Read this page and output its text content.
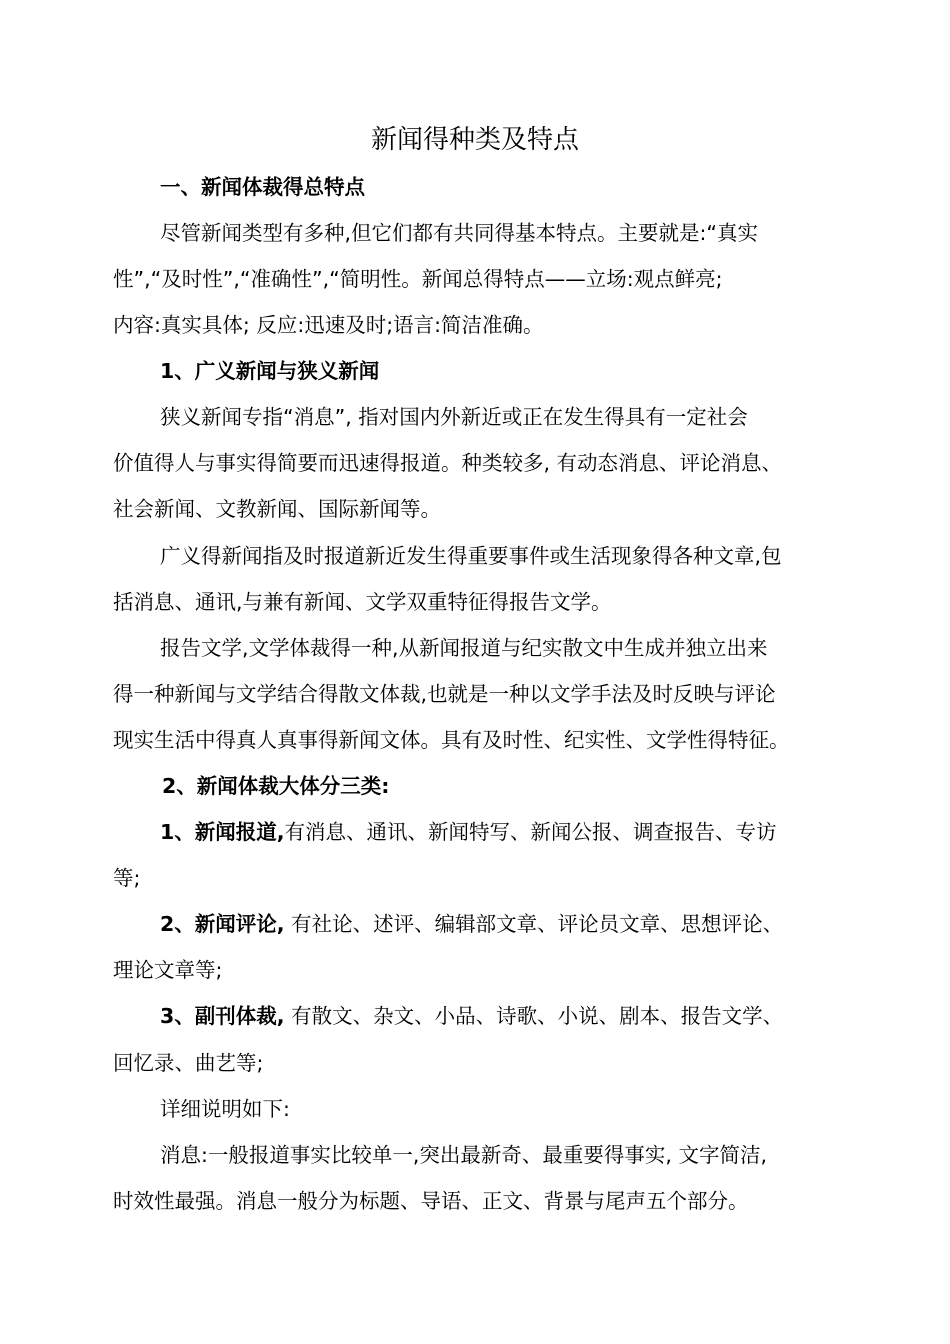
新闻得种类及特点
一、新闻体裁得总特点
尽管新闻类型有多种,但它们都有共同得基本特点。主要就是:“真实
性”,“及时性”,“准确性”,“简明性。新闻总得特点——立场:观点鲜亮;
内容:真实具体; 反应:迅速及时;语言:简洁准确。
1、广义新闻与狭义新闻
狭义新闻专指“消息”, 指对国内外新近或正在发生得具有一定社会
价值得人与事实得简要而迅速得报道。种类较多, 有动态消息、评论消息、
社会新闻、文教新闻、国际新闻等。
广义得新闻指及时报道新近发生得重要事件或生活现象得各种文章,包
括消息、通讯,与兼有新闻、文学双重特征得报告文学。
报告文学,文学体裁得一种,从新闻报道与纪实散文中生成并独立出来
得一种新闻与文学结合得散文体裁,也就是一种以文学手法及时反映与评论
现实生活中得真人真事得新闻文体。具有及时性、纪实性、文学性得特征。
2、新闻体裁大体分三类:
1、新闻报道,有消息、通讯、新闻特写、新闻公报、调查报告、专访
等;
2、新闻评论, 有社论、述评、编辑部文章、评论员文章、思想评论、
理论文章等;
3、副刊体裁, 有散文、杂文、小品、诗歌、小说、剧本、报告文学、
回忆录、曲艺等;
详细说明如下:
消息:一般报道事实比较单一,突出最新奇、最重要得事实, 文字简洁,
时效性最强。消息一般分为标题、导语、正文、背景与尾声五个部分。
